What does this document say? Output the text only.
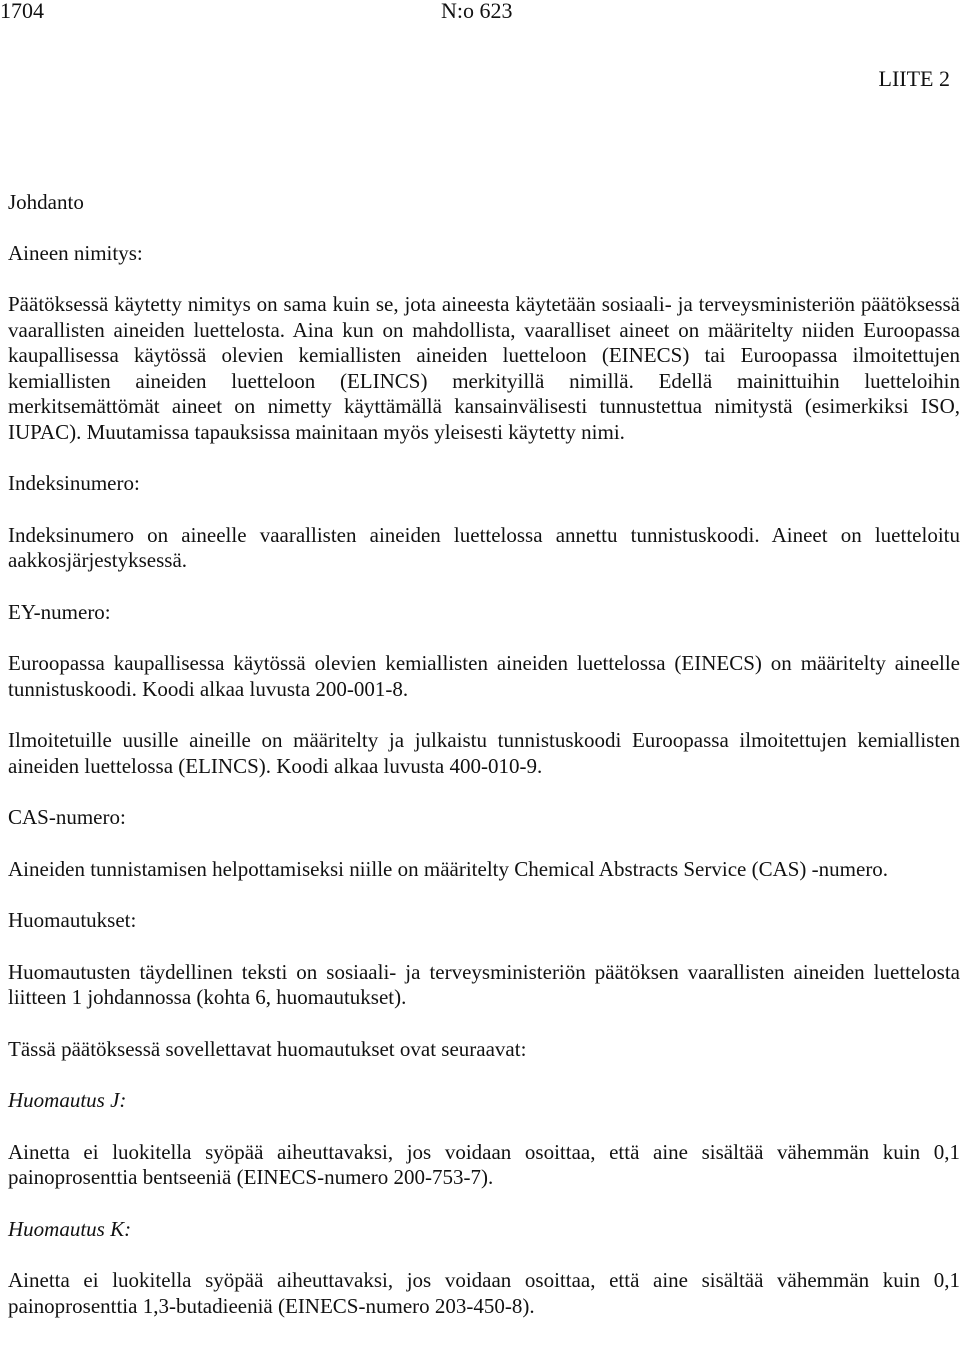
1704	N:o 623
LIITE 2

Johdanto

Aineen nimitys:

Päätöksessä käytetty nimitys on sama kuin se, jota aineesta käytetään sosiaali- ja terveysministeriön päätöksessä vaarallisten aineiden luettelosta. Aina kun on mahdollista, vaaralliset aineet on määritelty niiden Euroopassa kaupallisessa käytössä olevien kemiallisten aineiden luetteloon (EINECS) tai Euroopassa ilmoitettujen kemiallisten aineiden luetteloon (ELINCS) merkityillä nimillä. Edellä mainittuihin luetteloihin merkitsemättömät aineet on nimetty käyttämällä kansainvälisesti tunnustettua nimitystä (esimerkiksi ISO, IUPAC). Muutamissa tapauksissa mainitaan myös yleisesti käytetty nimi.

Indeksinumero:

Indeksinumero on aineelle vaarallisten aineiden luettelossa annettu tunnistuskoodi. Aineet on luetteloitu aakkosjärjestyksessä.

EY-numero:

Euroopassa kaupallisessa käytössä olevien kemiallisten aineiden luettelossa (EINECS) on määritelty aineelle tunnistuskoodi. Koodi alkaa luvusta 200-001-8.

Ilmoitetuille uusille aineille on määritelty ja julkaistu tunnistuskoodi Euroopassa ilmoitettujen kemiallisten aineiden luettelossa (ELINCS). Koodi alkaa luvusta 400-010-9.

CAS-numero:

Aineiden tunnistamisen helpottamiseksi niille on määritelty Chemical Abstracts Service (CAS) -numero.

Huomautukset:

Huomautusten täydellinen teksti on sosiaali- ja terveysministeriön päätöksen vaarallisten aineiden luettelosta liitteen 1 johdannossa (kohta 6, huomautukset).

Tässä päätöksessä sovellettavat huomautukset ovat seuraavat:

Huomautus J:

Ainetta ei luokitella syöpää aiheuttavaksi, jos voidaan osoittaa, että aine sisältää vähemmän kuin 0,1 painoprosenttia bentseeniä (EINECS-numero 200-753-7).

Huomautus K:

Ainetta ei luokitella syöpää aiheuttavaksi, jos voidaan osoittaa, että aine sisältää vähemmän kuin 0,1 painoprosenttia 1,3-butadieeniä (EINECS-numero 203-450-8).
